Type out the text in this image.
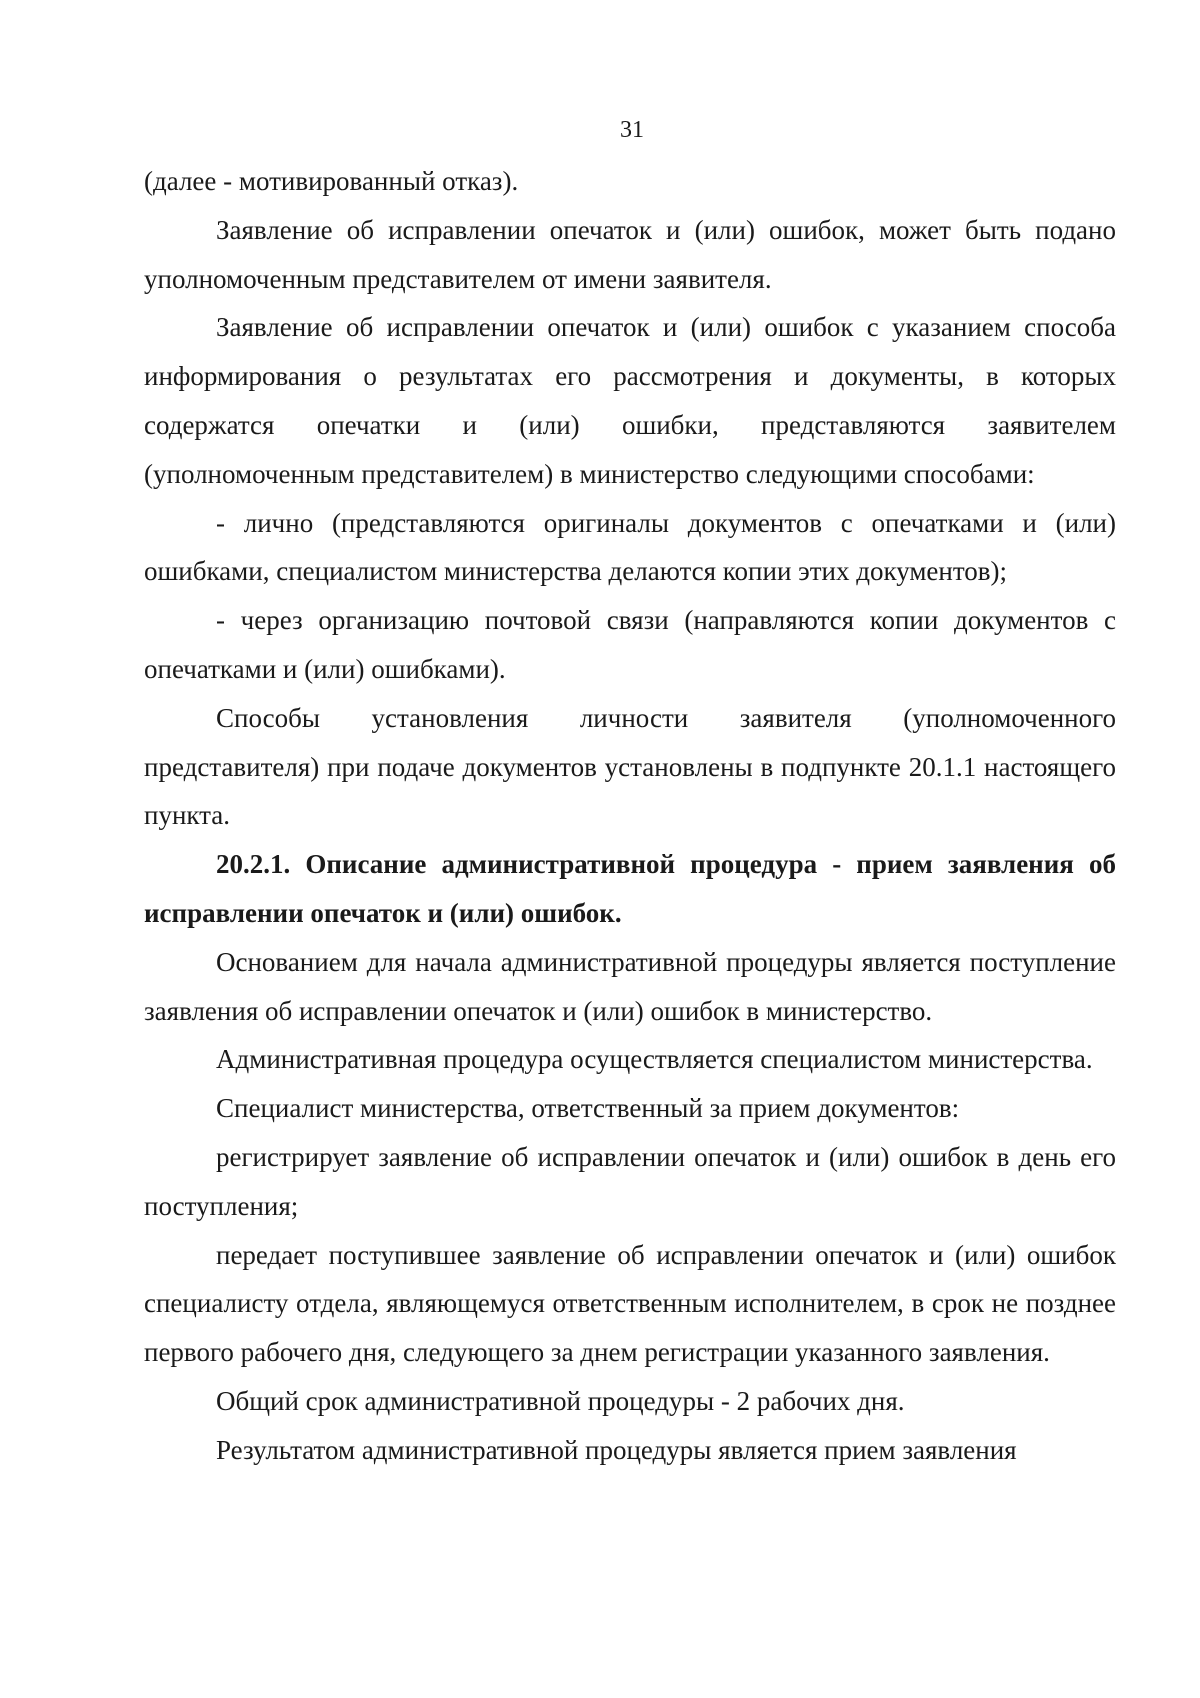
31

(далее - мотивированный отказ).

Заявление об исправлении опечаток и (или) ошибок, может быть подано уполномоченным представителем от имени заявителя.

Заявление об исправлении опечаток и (или) ошибок с указанием способа информирования о результатах его рассмотрения и документы, в которых содержатся опечатки и (или) ошибки, представляются заявителем (уполномоченным представителем) в министерство следующими способами:

- лично (представляются оригиналы документов с опечатками и (или) ошибками, специалистом министерства делаются копии этих документов);

- через организацию почтовой связи (направляются копии документов с опечатками и (или) ошибками).

Способы установления личности заявителя (уполномоченного представителя) при подаче документов установлены в подпункте 20.1.1 настоящего пункта.

20.2.1. Описание административной процедура - прием заявления об исправлении опечаток и (или) ошибок.

Основанием для начала административной процедуры является поступление заявления об исправлении опечаток и (или) ошибок в министерство.

Административная процедура осуществляется специалистом министерства.

Специалист министерства, ответственный за прием документов:

регистрирует заявление об исправлении опечаток и (или) ошибок в день его поступления;

передает поступившее заявление об исправлении опечаток и (или) ошибок специалисту отдела, являющемуся ответственным исполнителем, в срок не позднее первого рабочего дня, следующего за днем регистрации указанного заявления.

Общий срок административной процедуры - 2 рабочих дня.

Результатом административной процедуры является прием заявления
